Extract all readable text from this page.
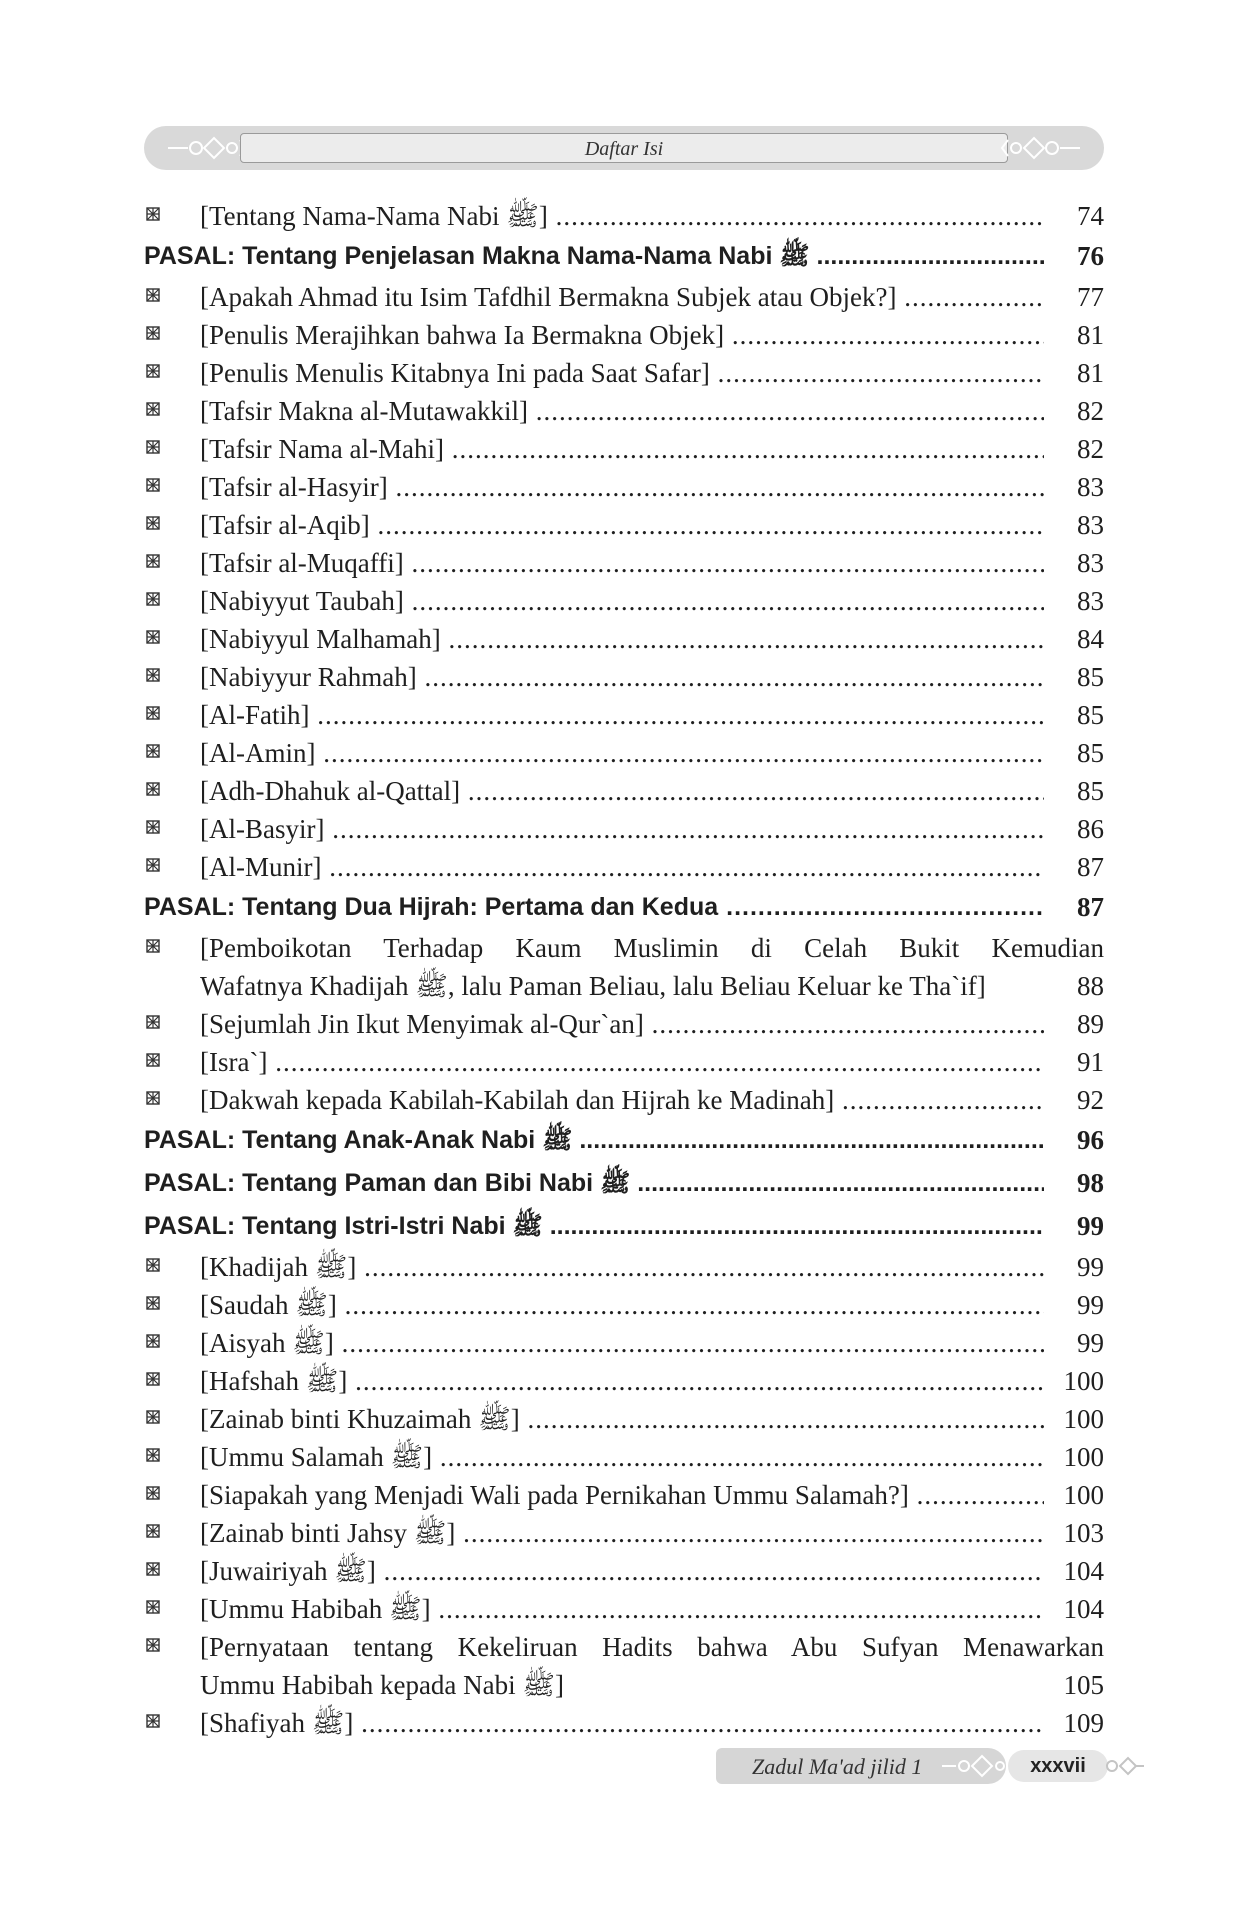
Daftar Isi
[Tentang Nama-Nama Nabi ﷺ] .....	74
PASAL: Tentang Penjelasan Makna Nama-Nama Nabi ﷺ .....	76
[Apakah Ahmad itu Isim Tafdhil Bermakna Subjek atau Objek?] .....	77
[Penulis Merajihkan bahwa Ia Bermakna Objek] .....	81
[Penulis Menulis Kitabnya Ini pada Saat Safar] .....	81
[Tafsir Makna al-Mutawakkil] .....	82
[Tafsir Nama al-Mahi] .....	82
[Tafsir al-Hasyir] .....	83
[Tafsir al-Aqib] .....	83
[Tafsir al-Muqaffi] .....	83
[Nabiyyut Taubah] .....	83
[Nabiyyul Malhamah] .....	84
[Nabiyyur Rahmah] .....	85
[Al-Fatih] .....	85
[Al-Amin] .....	85
[Adh-Dhahuk al-Qattal] .....	85
[Al-Basyir] .....	86
[Al-Munir] .....	87
PASAL: Tentang Dua Hijrah: Pertama dan Kedua .....	87
[Pemboikotan Terhadap Kaum Muslimin di Celah Bukit Kemudian
Wafatnya Khadijah ﷺ, lalu Paman Beliau, lalu Beliau Keluar ke Tha`if]	88
[Sejumlah Jin Ikut Menyimak al-Qur`an] .....	89
[Isra`] .....	91
[Dakwah kepada Kabilah-Kabilah dan Hijrah ke Madinah] .....	92
PASAL: Tentang Anak-Anak Nabi ﷺ .....	96
PASAL: Tentang Paman dan Bibi Nabi ﷺ .....	98
PASAL: Tentang Istri-Istri Nabi ﷺ .....	99
[Khadijah ﷺ] .....	99
[Saudah ﷺ] .....	99
[Aisyah ﷺ] .....	99
[Hafshah ﷺ] .....	100
[Zainab binti Khuzaimah ﷺ] .....	100
[Ummu Salamah ﷺ] .....	100
[Siapakah yang Menjadi Wali pada Pernikahan Ummu Salamah?] .....	100
[Zainab binti Jahsy ﷺ] .....	103
[Juwairiyah ﷺ] .....	104
[Ummu Habibah ﷺ] .....	104
[Pernyataan tentang Kekeliruan Hadits bahwa Abu Sufyan Menawarkan
Ummu Habibah kepada Nabi ﷺ]	105
[Shafiyah ﷺ] .....	109
Zadul Ma'ad jilid 1	xxxvii
